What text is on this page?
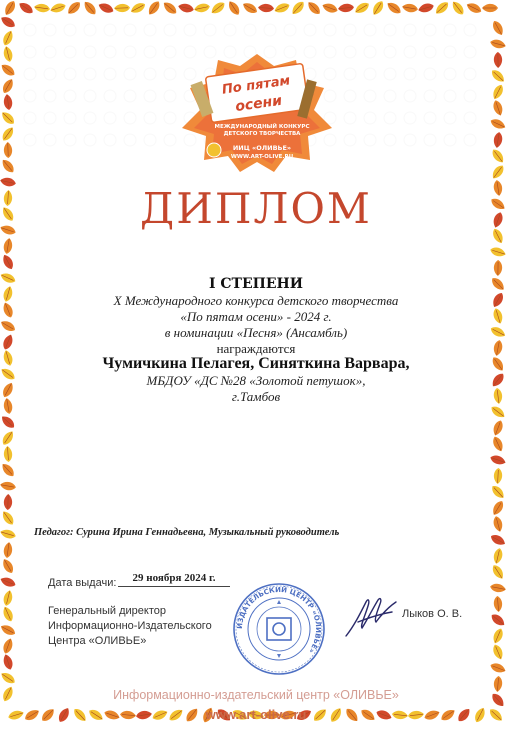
По пятам
осени
МЕЖДУНАРОДНЫЙ КОНКУРС
ДЕТСКОГО ТВОРЧЕСТВА
ИИЦ «ОЛИВЬЕ»
WWW.ART-OLIVE.RU
ДИПЛОМ
I СТЕПЕНИ
X Международного конкурса детского творчества
«По пятам осени» - 2024 г.
в номинации «Песня» (Ансамбль)
награждаются
Чумичкина Пелагея, Синяткина Варвара,
МБДОУ «ДС №28 «Золотой петушок»,
г.Тамбов
Педагог: Сурина Ирина Геннадьевна, Музыкальный руководитель
Дата выдачи:	29 ноября 2024 г.
Генеральный директор
Информационно-Издательского
Центра «ОЛИВЬЕ»
ИЗДАТЕЛЬСКИЙ ЦЕНТР «ОЛИВЬЕ»
Лыков О. В.
Информационно-издательский центр «ОЛИВЬЕ»
www.art-olive.ru
